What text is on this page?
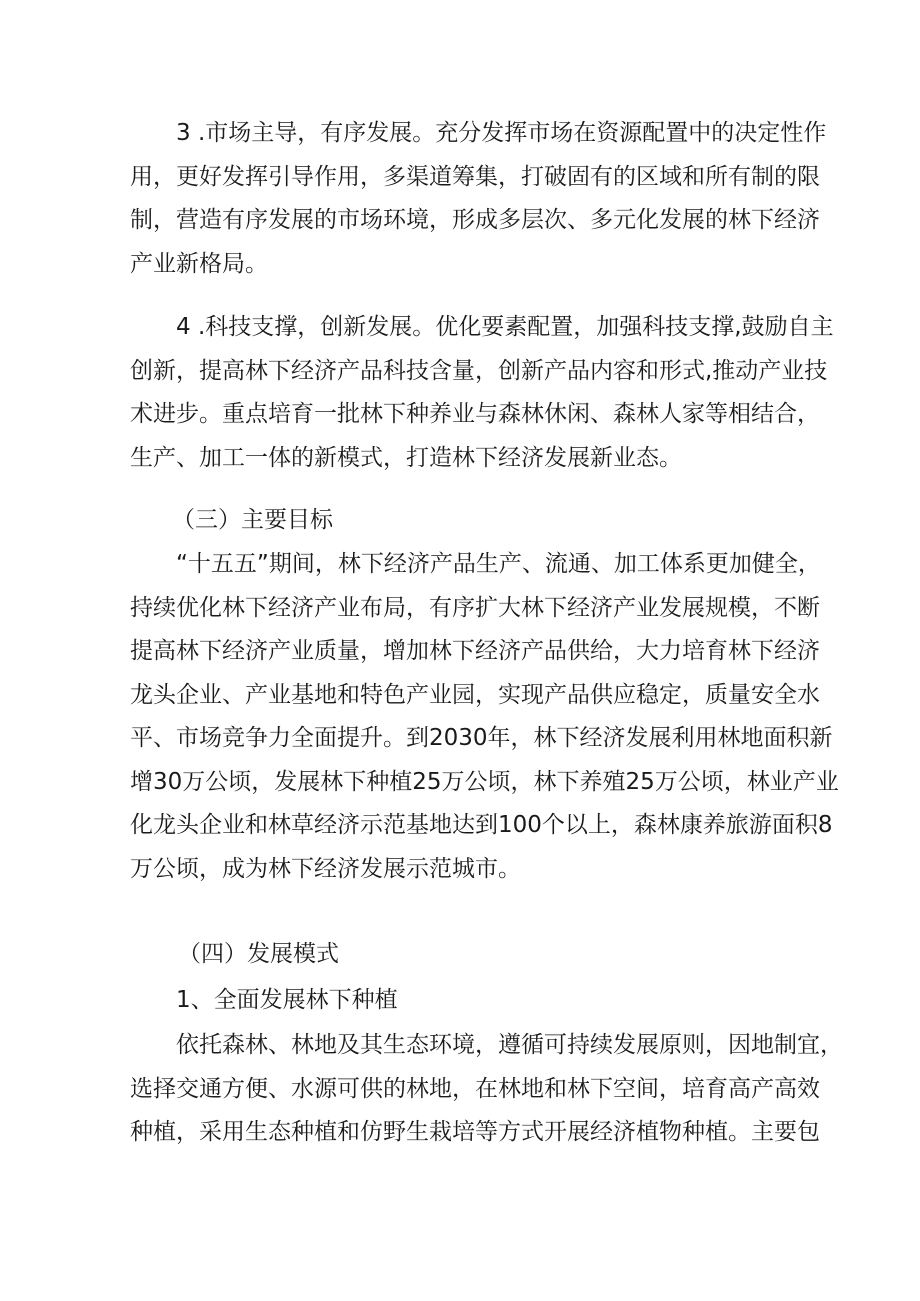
3 .市场主导，有序发展。充分发挥市场在资源配置中的决定性作
用，更好发挥引导作用，多渠道筹集，打破固有的区域和所有制的限
制，营造有序发展的市场环境，形成多层次、多元化发展的林下经济
产业新格局。
4 .科技支撑，创新发展。优化要素配置，加强科技支撑,鼓励自主
创新，提高林下经济产品科技含量，创新产品内容和形式,推动产业技
术进步。重点培育一批林下种养业与森林休闲、森林人家等相结合，
生产、加工一体的新模式，打造林下经济发展新业态。
（三）主要目标
“十五五”期间，林下经济产品生产、流通、加工体系更加健全，
持续优化林下经济产业布局，有序扩大林下经济产业发展规模，不断
提高林下经济产业质量，增加林下经济产品供给，大力培育林下经济
龙头企业、产业基地和特色产业园，实现产品供应稳定，质量安全水
平、市场竞争力全面提升。到2030年，林下经济发展利用林地面积新
增30万公顷，发展林下种植25万公顷，林下养殖25万公顷，林业产业
化龙头企业和林草经济示范基地达到100个以上，森林康养旅游面积8
万公顷，成为林下经济发展示范城市。
（四）发展模式
1、全面发展林下种植
依托森林、林地及其生态环境，遵循可持续发展原则，因地制宜，
选择交通方便、水源可供的林地，在林地和林下空间，培育高产高效
种植，采用生态种植和仿野生栽培等方式开展经济植物种植。主要包
